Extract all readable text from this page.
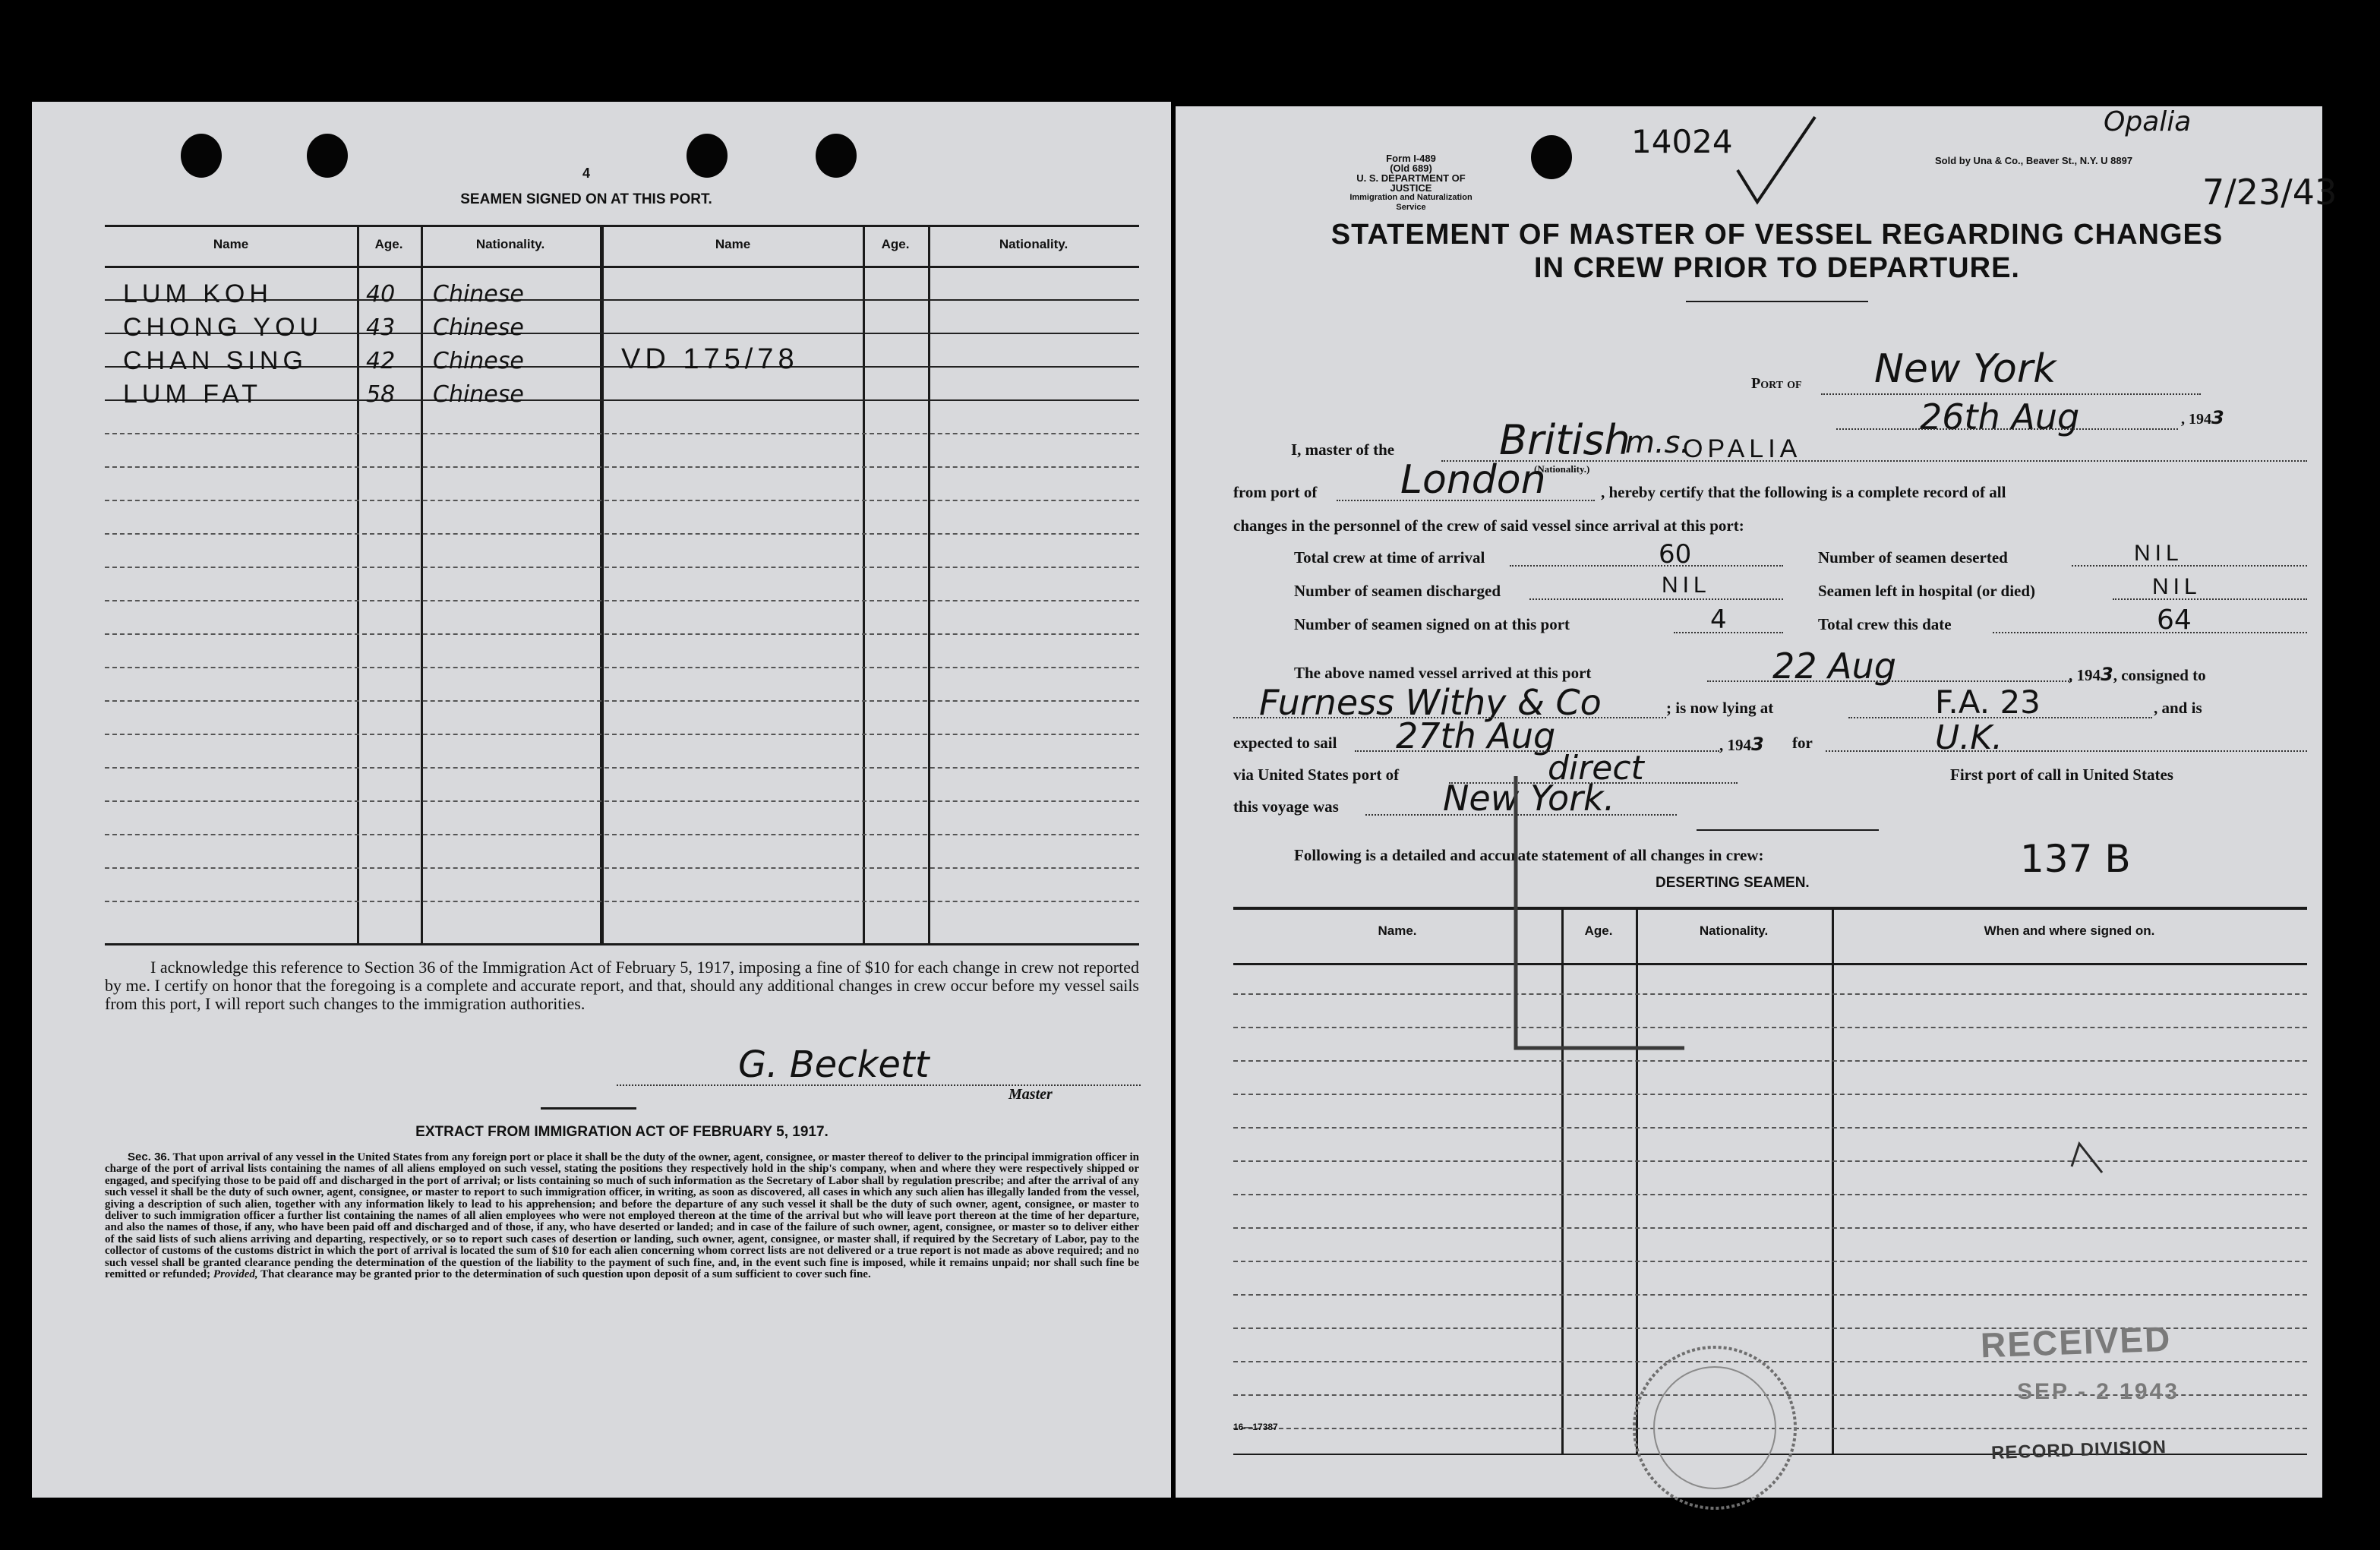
4
SEAMEN SIGNED ON AT THIS PORT.
Name	Age.	Nationality.	Name	Age.	Nationality.
LUM KOH	40 Chinese
CHONG YOU 43 Chinese
CHAN SING	42 Chinese	VD 175/78
LUM FAT	58 Chinese
I acknowledge this reference to Section 36 of the Immigration Act of February 5, 1917, imposing a fine of $10 for each change in crew not reported by me. I certify on honor that the foregoing is a complete and accurate report, and that, should any additional changes in crew occur before my vessel sails from this port, I will report such changes to the immigration authorities.
G. Beckett
Master
EXTRACT FROM IMMIGRATION ACT OF FEBRUARY 5, 1917.
Sec. 36. That upon arrival of any vessel in the United States from any foreign port or place it shall be the duty of the owner, agent, consignee, or master thereof to deliver to the principal immigration officer in charge of the port of arrival lists containing the names of all aliens employed on such vessel, stating the positions they respectively hold in the ship's company, when and where they were respectively shipped or engaged, and specifying those to be paid off and discharged in the port of arrival; or lists containing so much of such information as the Secretary of Labor shall by regulation prescribe; and after the arrival of any such vessel it shall be the duty of such owner, agent, consignee, or master to report to such immigration officer, in writing, as soon as discovered, all cases in which any such alien has illegally landed from the vessel, giving a description of such alien, together with any information likely to lead to his apprehension; and before the departure of any such vessel it shall be the duty of such owner, agent, consignee, or master to deliver to such immigration officer a further list containing the names of all alien employees who were not employed thereon at the time of the arrival but who will leave port thereon at the time of her departure, and also the names of those, if any, who have been paid off and discharged and of those, if any, who have deserted or landed; and in case of the failure of such owner, agent, consignee, or master so to deliver either of the said lists of such aliens arriving and departing, respectively, or so to report such cases of desertion or landing, such owner, agent, consignee, or master shall, if required by the Secretary of Labor, pay to the collector of customs of the customs district in which the port of arrival is located the sum of $10 for each alien concerning whom correct lists are not delivered or a true report is not made as above required; and no such vessel shall be granted clearance pending the determination of the question of the liability to the payment of such fine, and, in the event such fine is imposed, while it remains unpaid; nor shall such fine be remitted or refunded; Provided, That clearance may be granted prior to the determination of such question upon deposit of a sum sufficient to cover such fine.
Form I-489
(Old 689)
U. S. DEPARTMENT OF JUSTICE
Immigration and Naturalization Service
14024
Sold by Una & Co., Beaver St., N.Y. U 8897
Opalia
7/23/43
STATEMENT OF MASTER OF VESSEL REGARDING CHANGES
IN CREW PRIOR TO DEPARTURE.
Port of New York
26th Aug	, 1943
I, master of the	British
(Nationality.)
m.s.
OPALIA
from port of London	, hereby certify that the following is a complete record of all
changes in the personnel of the crew of said vessel since arrival at this port:
Total crew at time of arrival	60	Number of seamen deserted	NIL
Number of seamen discharged	NIL	Seamen left in hospital (or died)	NIL
Number of seamen signed on at this port	4	Total crew this date	64
The above named vessel arrived at this port	22 Aug	, 1943, consigned to
Furness Withy & Co	; is now lying at	F.A. 23	, and is
expected to sail 27th Aug	, 1943 for	U.K.
via United States port of	direct	First port of call in United States
this voyage was	New York.
Following is a detailed and accurate statement of all changes in crew:	137 B
DESERTING SEAMEN.
Name.	Age.	Nationality.	When and where signed on.
RECEIVED
SEP - 2 1943
RECORD DIVISION
16—17387
